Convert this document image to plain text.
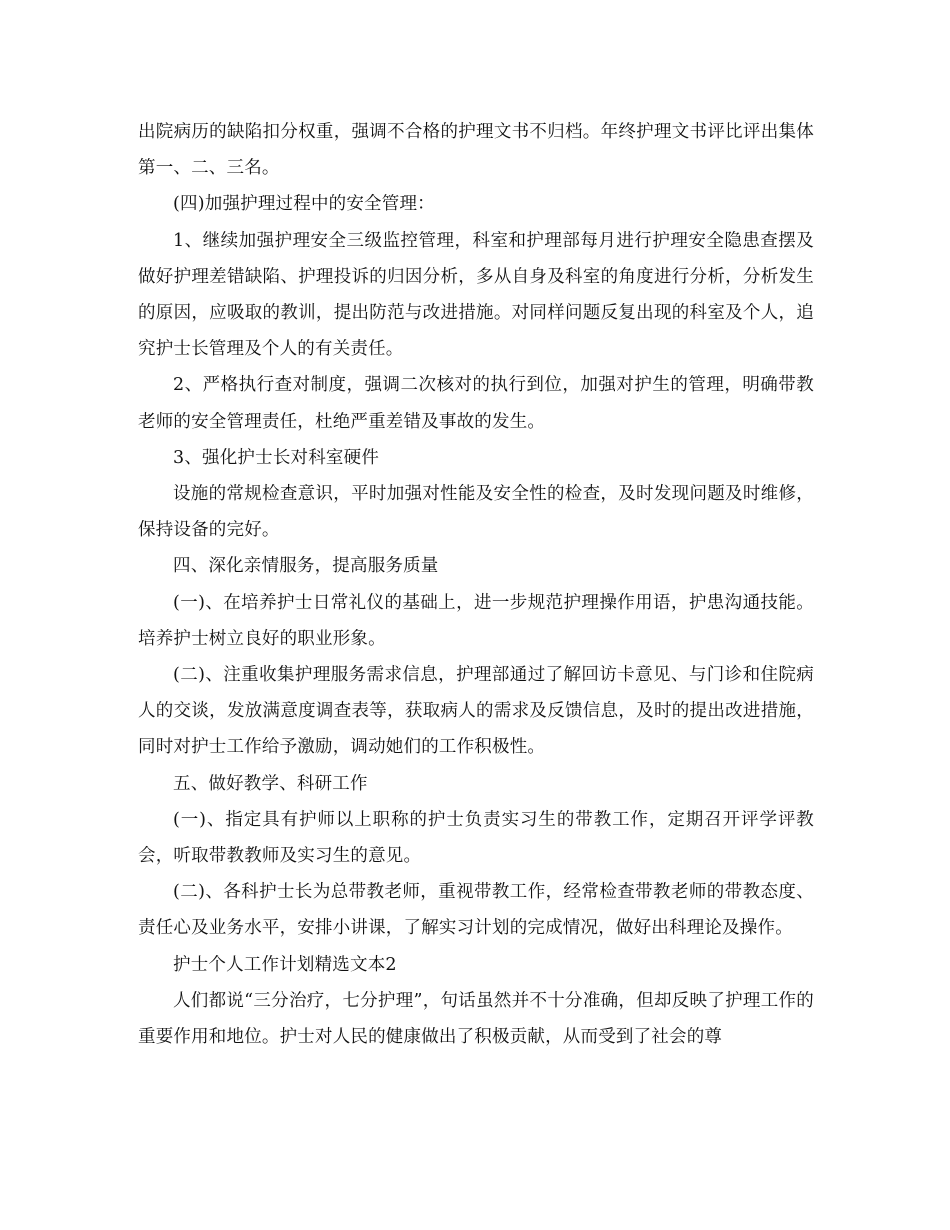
出院病历的缺陷扣分权重，强调不合格的护理文书不归档。年终护理文书评比评出集体第一、二、三名。

(四)加强护理过程中的安全管理：

1、继续加强护理安全三级监控管理，科室和护理部每月进行护理安全隐患查摆及做好护理差错缺陷、护理投诉的归因分析，多从自身及科室的角度进行分析，分析发生的原因，应吸取的教训，提出防范与改进措施。对同样问题反复出现的科室及个人，追究护士长管理及个人的有关责任。

2、严格执行查对制度，强调二次核对的执行到位，加强对护生的管理，明确带教老师的安全管理责任，杜绝严重差错及事故的发生。

3、强化护士长对科室硬件

设施的常规检查意识，平时加强对性能及安全性的检查，及时发现问题及时维修，保持设备的完好。

四、深化亲情服务，提高服务质量

(一)、在培养护士日常礼仪的基础上，进一步规范护理操作用语，护患沟通技能。培养护士树立良好的职业形象。

(二)、注重收集护理服务需求信息，护理部通过了解回访卡意见、与门诊和住院病人的交谈，发放满意度调查表等，获取病人的需求及反馈信息，及时的提出改进措施，同时对护士工作给予激励，调动她们的工作积极性。

五、做好教学、科研工作

(一)、指定具有护师以上职称的护士负责实习生的带教工作，定期召开评学评教会，听取带教教师及实习生的意见。

(二)、各科护士长为总带教老师，重视带教工作，经常检查带教老师的带教态度、责任心及业务水平，安排小讲课，了解实习计划的完成情况，做好出科理论及操作。

护士个人工作计划精选文本2

人们都说“三分治疗，七分护理”，句话虽然并不十分准确，但却反映了护理工作的重要作用和地位。护士对人民的健康做出了积极贡献，从而受到了社会的尊
